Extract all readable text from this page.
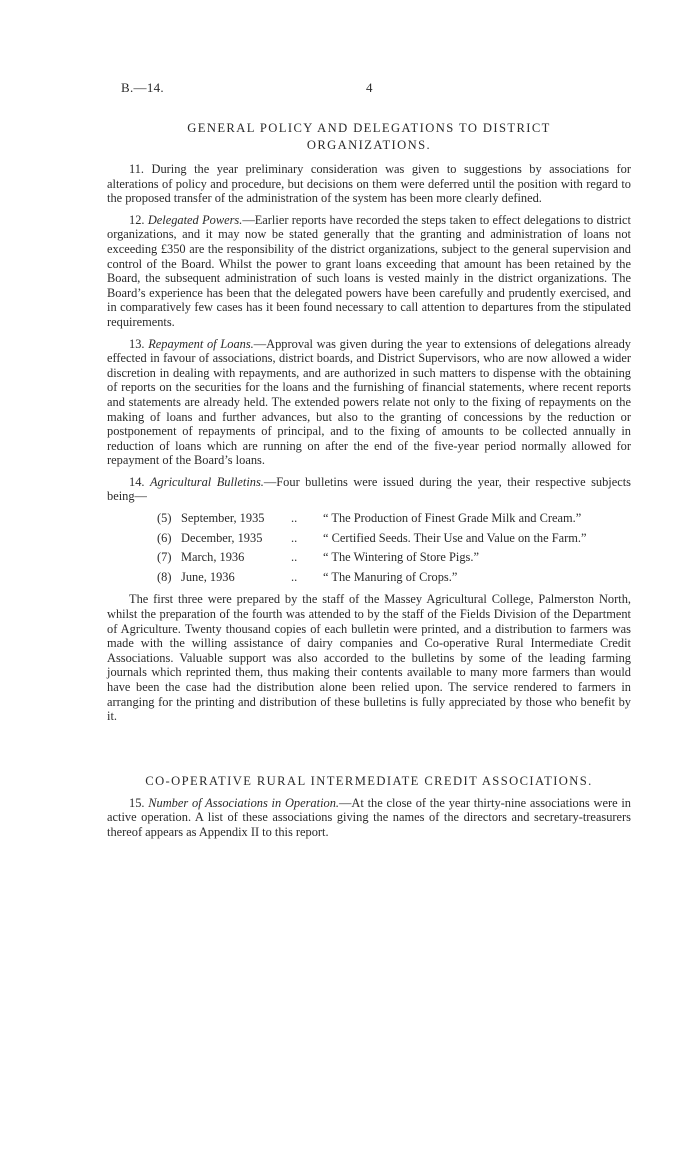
B.—14.	4
GENERAL POLICY AND DELEGATIONS TO DISTRICT
ORGANIZATIONS.

11. During the year preliminary consideration was given to suggestions by associations for alterations of policy and procedure, but decisions on them were deferred until the position with regard to the proposed transfer of the administration of the system has been more clearly defined.

12. Delegated Powers.—Earlier reports have recorded the steps taken to effect delegations to district organizations, and it may now be stated generally that the granting and administration of loans not exceeding £350 are the responsibility of the district organizations, subject to the general supervision and control of the Board. Whilst the power to grant loans exceeding that amount has been retained by the Board, the subsequent administration of such loans is vested mainly in the district organizations. The Board’s experience has been that the delegated powers have been carefully and prudently exercised, and in comparatively few cases has it been found necessary to call attention to departures from the stipulated requirements.

13. Repayment of Loans.—Approval was given during the year to extensions of delegations already effected in favour of associations, district boards, and District Supervisors, who are now allowed a wider discretion in dealing with repayments, and are authorized in such matters to dispense with the obtaining of reports on the securities for the loans and the furnishing of financial statements, where recent reports and statements are already held. The extended powers relate not only to the fixing of repayments on the making of loans and further advances, but also to the granting of concessions by the reduction or postponement of repayments of principal, and to the fixing of amounts to be collected annually in reduction of loans which are running on after the end of the five-year period normally allowed for repayment of the Board’s loans.

14. Agricultural Bulletins.—Four bulletins were issued during the year, their respective subjects being—

(5) September, 1935	..	“ The Production of Finest Grade Milk and Cream.”
(6) December, 1935	..	“ Certified Seeds. Their Use and Value on the Farm.”
(7) March, 1936	..	“ The Wintering of Store Pigs.”
(8) June, 1936	..	“ The Manuring of Crops.”

The first three were prepared by the staff of the Massey Agricultural College, Palmerston North, whilst the preparation of the fourth was attended to by the staff of the Fields Division of the Department of Agriculture. Twenty thousand copies of each bulletin were printed, and a distribution to farmers was made with the willing assistance of dairy companies and Co-operative Rural Intermediate Credit Associations. Valuable support was also accorded to the bulletins by some of the leading farming journals which reprinted them, thus making their contents available to many more farmers than would have been the case had the distribution alone been relied upon. The service rendered to farmers in arranging for the printing and distribution of these bulletins is fully appreciated by those who benefit by it.

CO-OPERATIVE RURAL INTERMEDIATE CREDIT ASSOCIATIONS.

15. Number of Associations in Operation.—At the close of the year thirty-nine associations were in active operation. A list of these associations giving the names of the directors and secretary-treasurers thereof appears as Appendix II to this report.
